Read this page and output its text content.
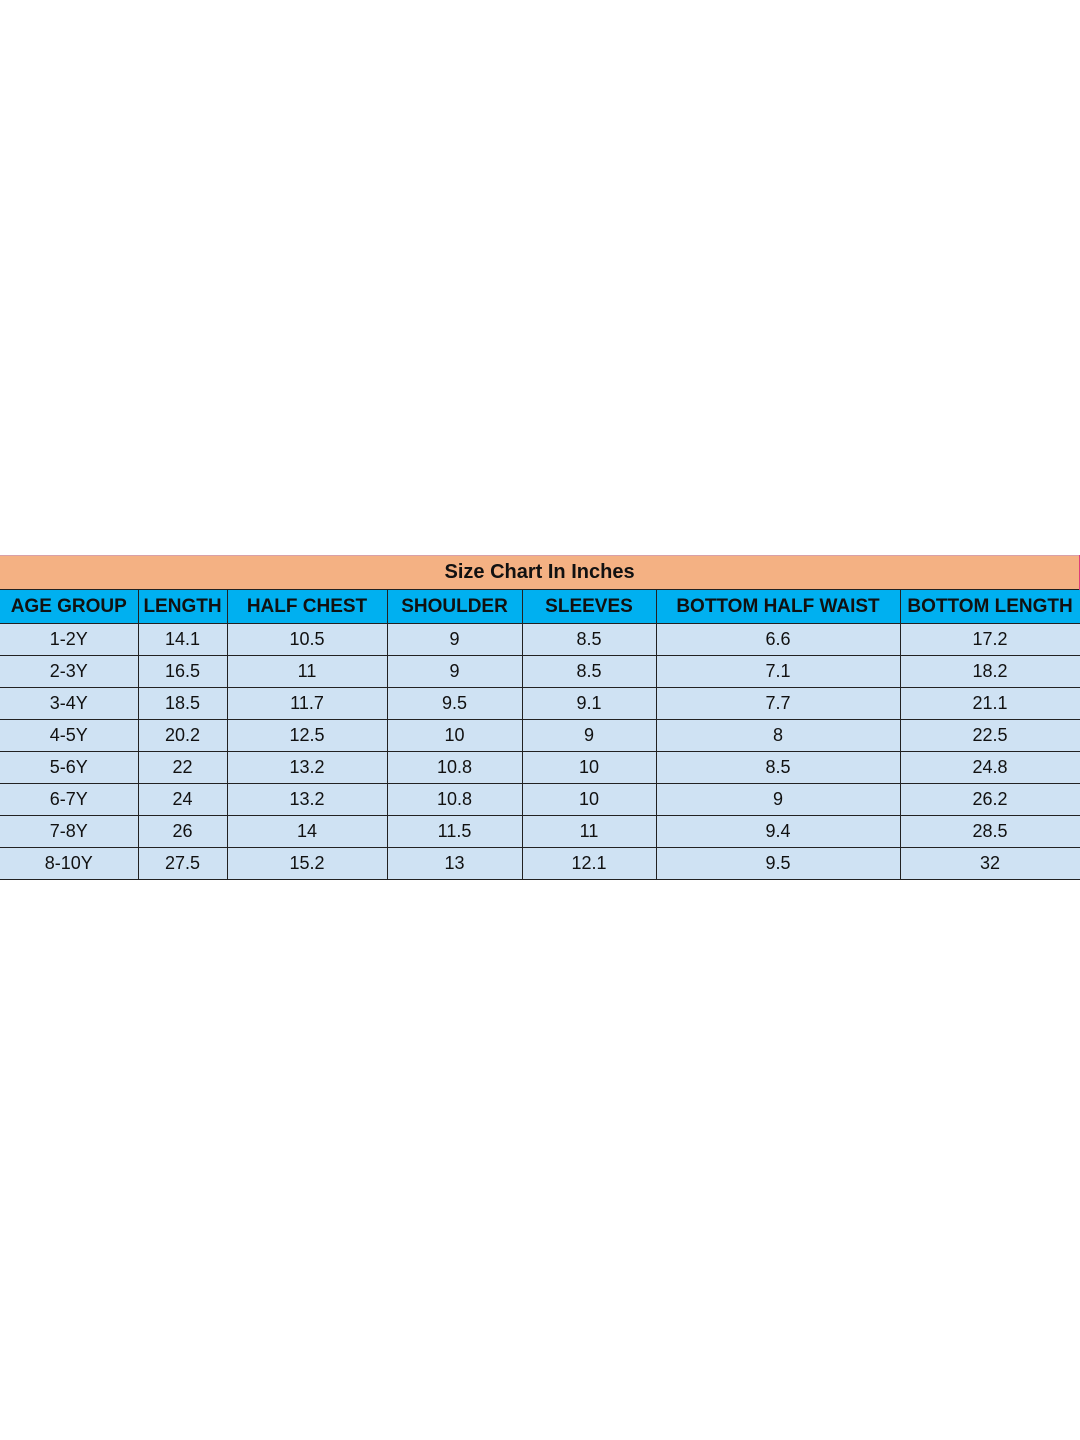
Size Chart In Inches						
AGE GROUP	LENGTH	HALF CHEST	SHOULDER	SLEEVES	BOTTOM HALF WAIST	BOTTOM LENGTH
1-2Y	14.1	10.5	9	8.5	6.6	17.2
2-3Y	16.5	11	9	8.5	7.1	18.2
3-4Y	18.5	11.7	9.5	9.1	7.7	21.1
4-5Y	20.2	12.5	10	9	8	22.5
5-6Y	22	13.2	10.8	10	8.5	24.8
6-7Y	24	13.2	10.8	10	9	26.2
7-8Y	26	14	11.5	11	9.4	28.5
8-10Y	27.5	15.2	13	12.1	9.5	32
